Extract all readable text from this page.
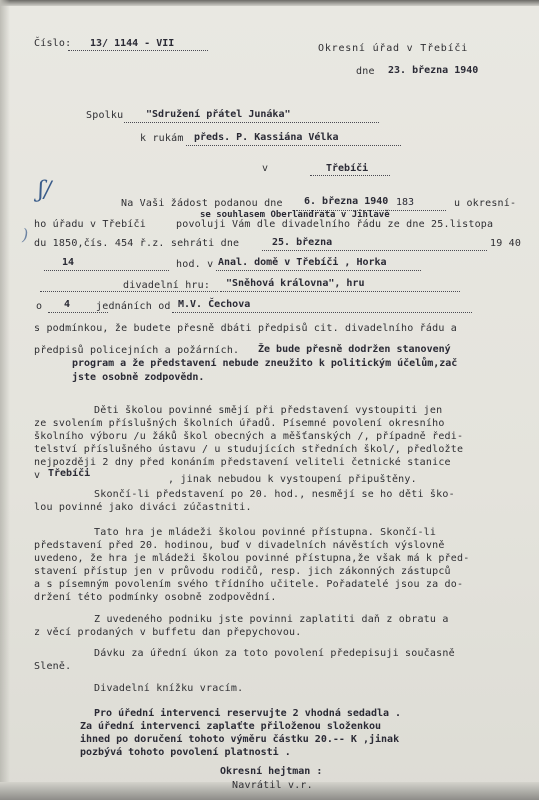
Číslo: 13/ 1144 - VII	Okresní úřad v Třebíči
dne 23. března 1940
Spolku "Sdružení přátel Junáka"
k rukám předs. P. Kassiána Vélka
v	Třebíči
ʃ/
)
Na Vaši žádost podanou dne 6. března 1940 183	u okresní-
se souhlasem Oberlandrata v Jihlavě
ho úřadu v Třebíči	povoluji Vám dle divadelního řádu ze dne 25.listopa
du 1850,čís. 454 ř.z. sehráti dne	25. března	19 40
14	hod. v Anal. domě v Třebíči , Horka
divadelní hru: "Sněhová královna", hru
o 4	jednáních od M.V. Čechova
s podmínkou, že budete přesně dbáti předpisů cit. divadelního řádu a
předpisů policejních a požárních. Že bude přesně dodržen stanovený
program a že představení nebude zneužito k politickým účelům,zač
jste osobně zodpovědn.
Děti školou povinné smějí při představení vystoupiti jen
ze svolením příslušných školních úřadů. Písemné povolení okresního
školního výboru /u žáků škol obecných a měšťanských /, případně ředi-
telství příslušného ústavu / u studujících středních škol/, předložte
nejpozději 2 dny před konáním představení veliteli četnické stanice
v Třebíči
, jinak nebudou k vystoupení připuštěny.
Skončí-li představení po 20. hod., nesmějí se ho děti ško-
lou povinné jako diváci zúčastniti.
Tato hra je mládeži školou povinné přístupna. Skončí-li
představení před 20. hodinou, buď v divadelních návěstích výslovně
uvedeno, že hra je mládeži školou povinné přístupna,že však má k před-
stavení přístup jen v průvodu rodičů, resp. jich zákonných zástupců
a s písemným povolením svého třídního učitele. Pořadatelé jsou za do-
držení této podmínky osobně zodpovědní.
Z uvedeného podniku jste povinni zaplatiti daň z obratu a
z věcí prodaných v buffetu dan přepychovou.
Dávku za úřední úkon za toto povolení předepisuji současně
Sleně.
Divadelní knížku vracím.
Pro úřední intervenci reservujte 2 vhodná sedadla .
Za úřední intervenci zaplaťte přiloženou složenkou
ihned po doručení tohoto výměru částku 20.-- K ,jinak
pozbývá tohoto povolení platnosti .
Okresní hejtman :
Navrátil v.r.
